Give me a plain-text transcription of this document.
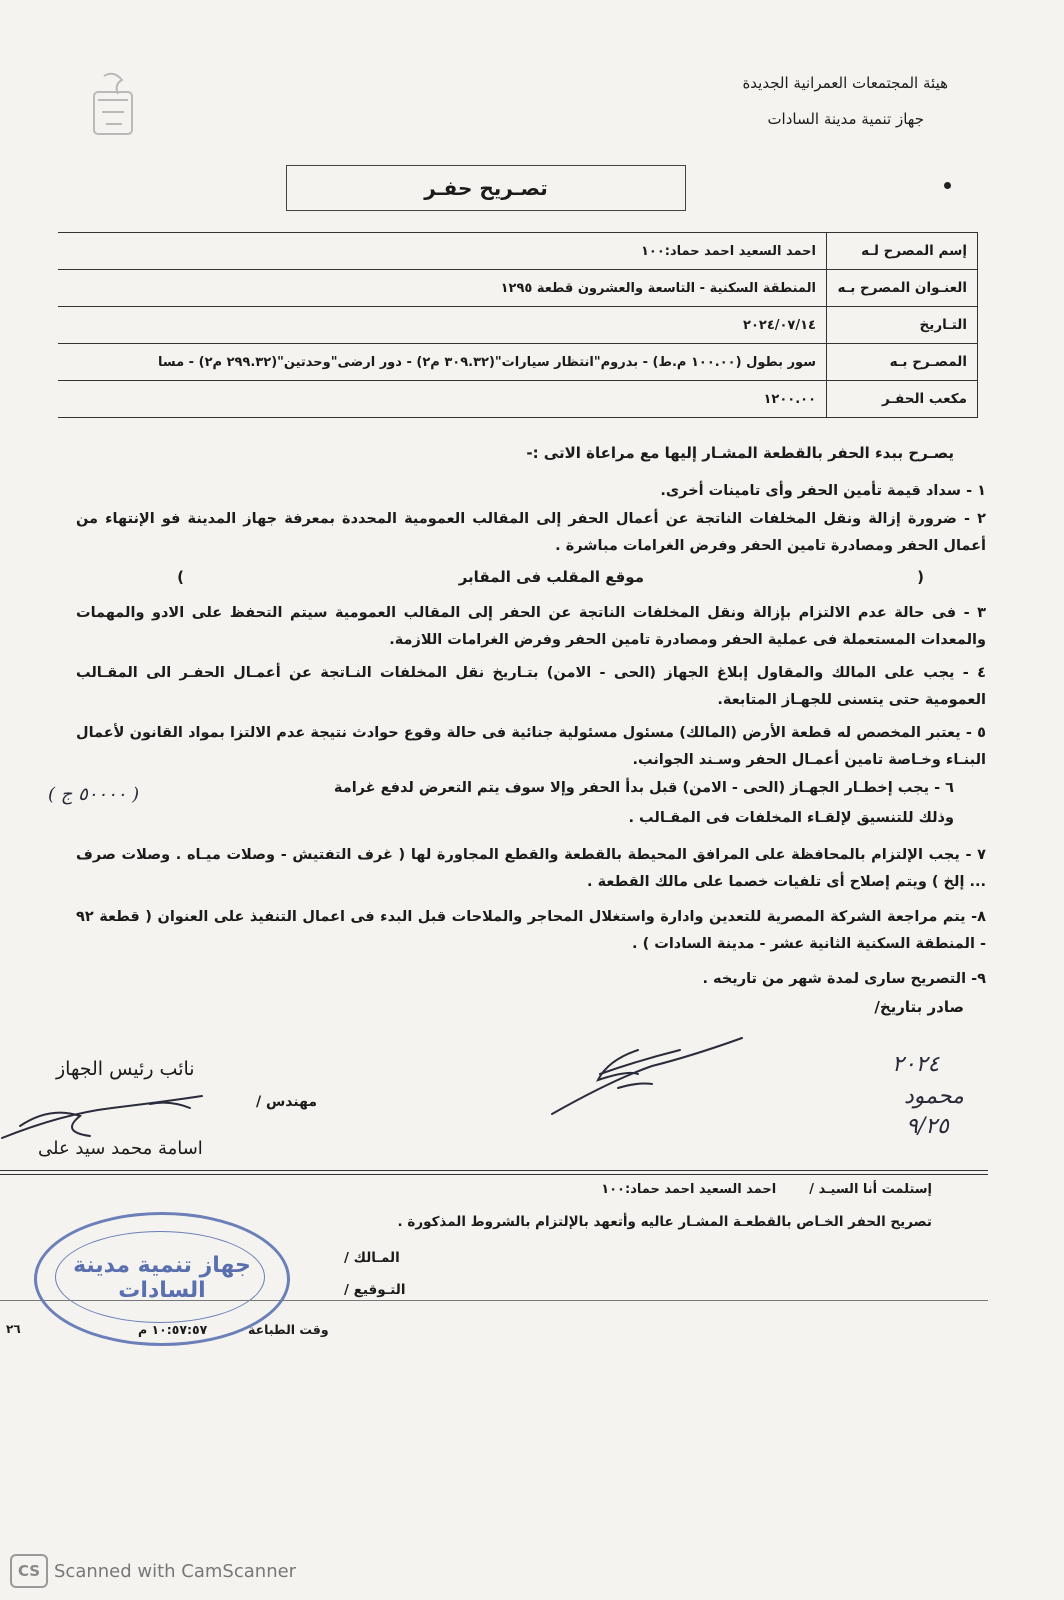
هيئة المجتمعات العمرانية الجديدة
جهاز تنمية مدينة السادات
تصـريح حفـر
إسم المصرح لـه	احمد السعيد احمد حماد:١٠٠
العنـوان المصرح بـه	المنطقة السكنية - التاسعة والعشرون قطعة ١٢٩٥
التـاريخ	٢٠٢٤/٠٧/١٤
المصـرح بـه	سور بطول (١٠٠.٠٠ م.ط) - بدروم"انتظار سيارات"(٣٠٩.٣٢ م٢) - دور ارضى"وحدتين"(٢٩٩.٣٢ م٢) - مسا
مكعب الحفـر	١٢٠٠.٠٠
يصـرح ببدء الحفر بالقطعة المشـار إليها مع مراعاة الاتى :-
١ - سداد قيمة تأمين الحفر وأى تامينات أخرى.
٢ - ضرورة إزالة ونقل المخلفات الناتجة عن أعمال الحفر إلى المقالب العمومية المحددة بمعرفة جهاز المدينة فو الإنتهاء من أعمال الحفر ومصادرة تامين الحفر وفرض الغرامات مباشرة .
(
موقع المقلب فى المقابر
)
٣ - فى حالة عدم الالتزام بإزالة ونقل المخلفات الناتجة عن الحفر إلى المقالب العمومية سيتم التحفظ على الادو والمهمات والمعدات المستعملة فى عملية الحفر ومصادرة تامين الحفر وفرض الغرامات اللازمة.
٤ - يجب على المالك والمقاول إبلاغ الجهاز (الحى - الامن) بتـاريخ نقل المخلفات النـاتجة عن أعمـال الحفـر الى المقـالب العمومية حتى يتسنى للجهـاز المتابعة.
٥ - يعتبر المخصص له قطعة الأرض (المالك) مسئول مسئولية جنائية فى حالة وقوع حوادث نتيجة عدم الالتزا بمواد القانون لأعمال البنـاء وخـاصة تامين أعمـال الحفر وسـند الجوانب.
٦ - يجب إخطـار الجهـاز (الحى - الامن) قبل بدأ الحفر وإلا سوف يتم التعرض لدفع غرامة
( ٥٠٠٠٠ ج )
وذلك للتنسيق لإلقـاء المخلفات فى المقـالب .
٧ - يجب الإلتزام بالمحافظة على المرافق المحيطة بالقطعة والقطع المجاورة لها ( غرف التفتيش - وصلات ميـاه . وصلات صرف ... إلخ ) ويتم إصلاح أى تلفيات خصما على مالك القطعة .
٨- يتم مراجعة الشركة المصرية للتعدين وادارة واستغلال المحاجر والملاحات قبل البدء فى اعمال التنفيذ على العنوان ( قطعة ٩٢ - المنطقة السكنية الثانية عشر - مدينة السادات ) .
٩- التصريح سارى لمدة شهر من تاريخه .
صادر بتاريخ/
٢٠٢٤
محمود
٩/٢٥
نائب رئيس الجهاز
مهندس /
اسامة محمد سيد على
إستلمت أنا السيـد /  احمد السعيد احمد حماد:١٠٠
تصريح الحفر الخـاص بالقطعـة المشـار عاليه وأتعهد بالإلتزام بالشروط المذكورة .
المـالك /
التـوقيع /
جهاز تنمية مدينة السادات
وقت الطباعة
١٠:٥٧:٥٧ م
٢٦
CS Scanned with CamScanner
